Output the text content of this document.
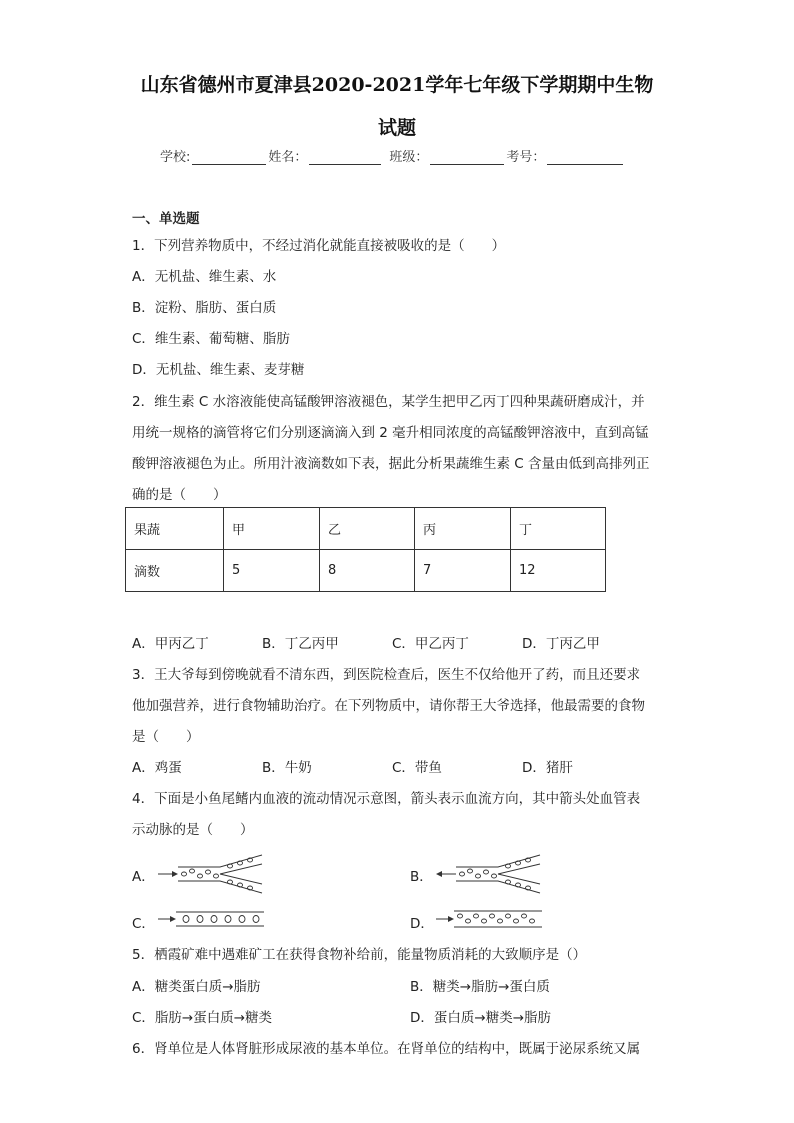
山东省德州市夏津县2020-2021学年七年级下学期期中生物
试题
学校:	姓名：	班级：	考号：
一、单选题
1．下列营养物质中，不经过消化就能直接被吸收的是（　　）
A．无机盐、维生素、水
B．淀粉、脂肪、蛋白质
C．维生素、葡萄糖、脂肪
D．无机盐、维生素、麦芽糖
2．维生素 C 水溶液能使高锰酸钾溶液褪色，某学生把甲乙丙丁四种果蔬研磨成汁，并
用统一规格的滴管将它们分别逐滴滴入到 2 毫升相同浓度的高锰酸钾溶液中，直到高锰
酸钾溶液褪色为止。所用汁液滴数如下表，据此分析果蔬维生素 C 含量由低到高排列正
确的是（　　）
果蔬	甲	乙	丙	丁
滴数	5	8	7	12
A．甲丙乙丁	B．丁乙丙甲	C．甲乙丙丁	D．丁丙乙甲
3．王大爷每到傍晚就看不清东西，到医院检查后，医生不仅给他开了药，而且还要求
他加强营养，进行食物辅助治疗。在下列物质中，请你帮王大爷选择，他最需要的食物
是（　　）
A．鸡蛋	B．牛奶	C．带鱼	D．猪肝
4．下面是小鱼尾鳍内血液的流动情况示意图，箭头表示血流方向，其中箭头处血管表
示动脉的是（　　）
A．	B．
C．	D．
5．栖霞矿难中遇难矿工在获得食物补给前，能量物质消耗的大致顺序是（）
A．糖类蛋白质→脂肪	B．糖类→脂肪→蛋白质
C．脂肪→蛋白质→糖类	D．蛋白质→糖类→脂肪
6．肾单位是人体肾脏形成尿液的基本单位。在肾单位的结构中，既属于泌尿系统又属
